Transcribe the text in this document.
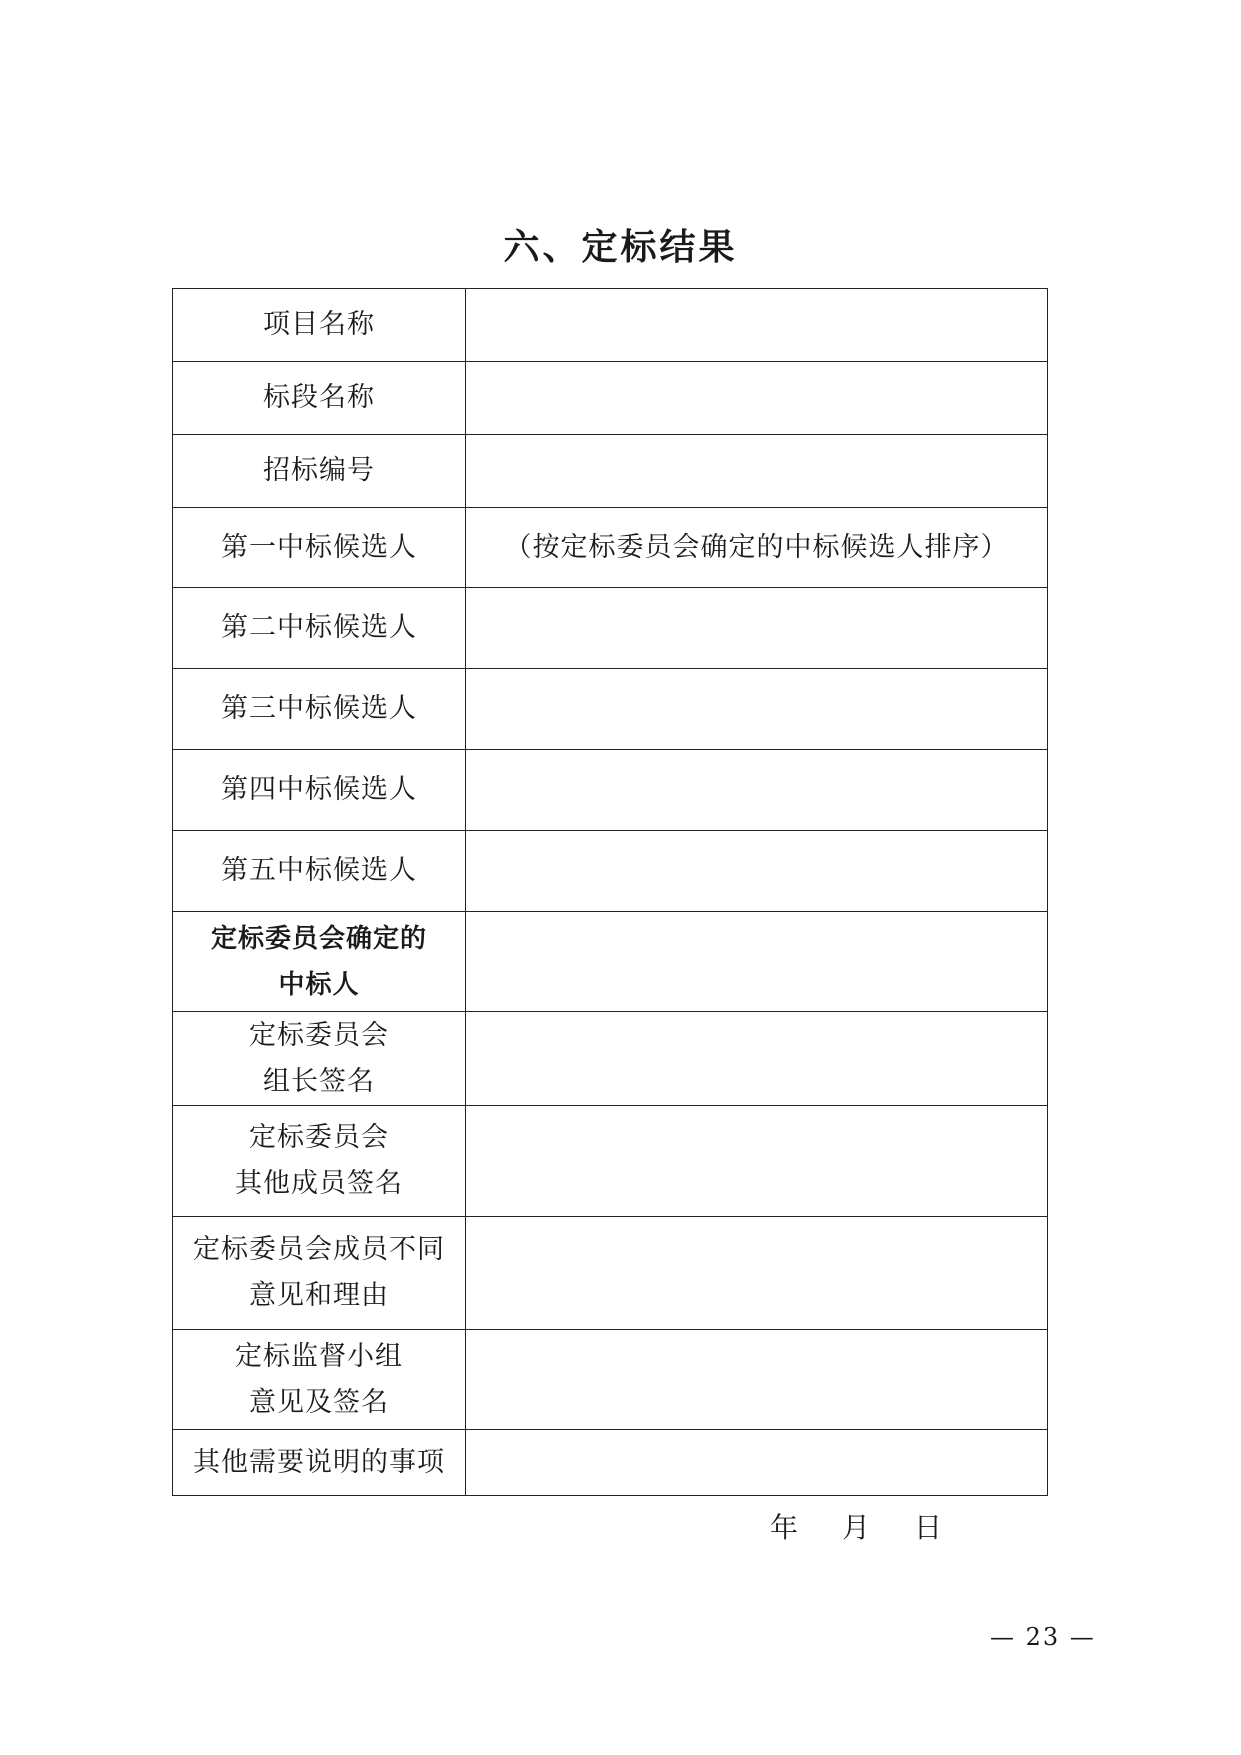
六、定标结果
项目名称	
标段名称	
招标编号	
第一中标候选人	（按定标委员会确定的中标候选人排序）
第二中标候选人	
第三中标候选人	
第四中标候选人	
第五中标候选人	

定标委员会确定的
中标人	

定标委员会
组长签名	

定标委员会
其他成员签名	

定标委员会成员不同
意见和理由	

定标监督小组
意见及签名	

其他需要说明的事项	
年 月 日
— 23 —
